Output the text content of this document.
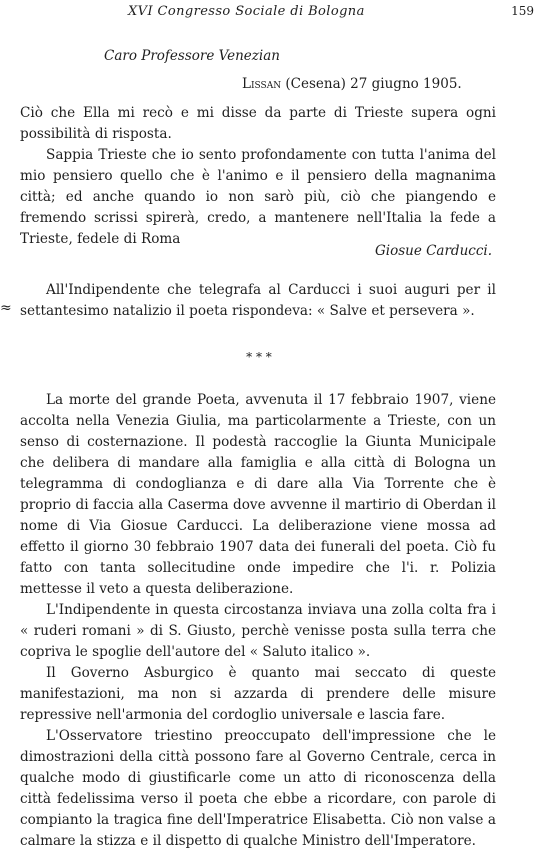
XVI Congresso Sociale di Bologna	159
Caro Professore Venezian
Lissan (Cesena) 27 giugno 1905.

Ciò che Ella mi recò e mi disse da parte di Trieste supera ogni possibilità di risposta.

Sappia Trieste che io sento profondamente con tutta l'anima del mio pensiero quello che è l'animo e il pensiero della magnanima città; ed anche quando io non sarò più, ciò che piangendo e fremendo scrissi spirerà, credo, a mantenere nell'Italia la fede a Trieste, fedele di Roma

Giosue Carducci.

All'Indipendente che telegrafa al Carducci i suoi auguri per il settantesimo natalizio il poeta rispondeva: « Salve et persevera ».

≈
* * *

La morte del grande Poeta, avvenuta il 17 febbraio 1907, viene accolta nella Venezia Giulia, ma particolarmente a Trieste, con un senso di costernazione. Il podestà raccoglie la Giunta Municipale che delibera di mandare alla famiglia e alla città di Bologna un telegramma di condoglianza e di dare alla Via Torrente che è proprio di faccia alla Caserma dove avvenne il martirio di Oberdan il nome di Via Giosue Carducci. La deliberazione viene mossa ad effetto il giorno 30 febbraio 1907 data dei funerali del poeta. Ciò fu fatto con tanta sollecitudine onde impedire che l'i. r. Polizia mettesse il veto a questa deliberazione.

L'Indipendente in questa circostanza inviava una zolla colta fra i « ruderi romani » di S. Giusto, perchè venisse posta sulla terra che copriva le spoglie dell'autore del « Saluto italico ».

Il Governo Asburgico è quanto mai seccato di queste manifestazioni, ma non si azzarda di prendere delle misure repressive nell'armonia del cordoglio universale e lascia fare.

L'Osservatore triestino preoccupato dell'impressione che le dimostrazioni della città possono fare al Governo Centrale, cerca in qualche modo di giustificarle come un atto di riconoscenza della città fedelissima verso il poeta che ebbe a ricordare, con parole di compianto la tragica fine dell'Imperatrice Elisabetta. Ciò non valse a calmare la stizza e il dispetto di qualche Ministro dell'Imperatore.
